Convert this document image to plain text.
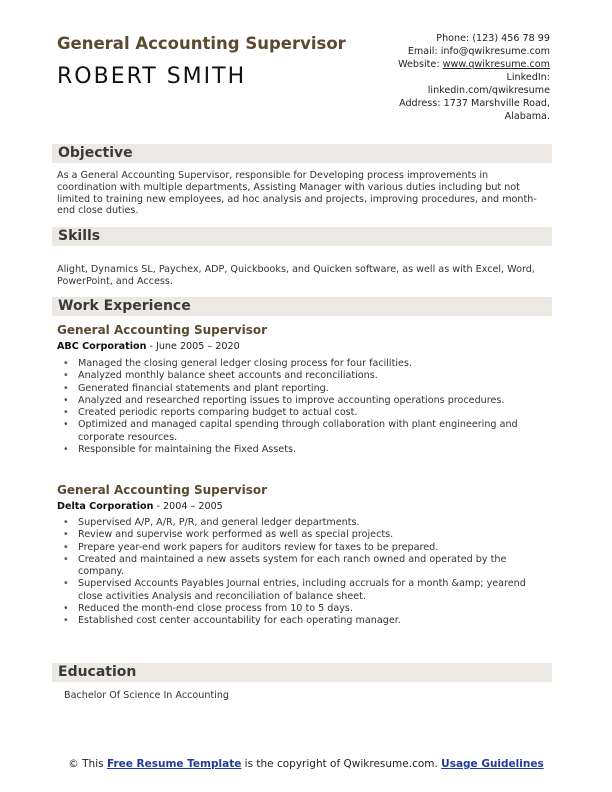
General Accounting Supervisor
ROBERT SMITH
Phone: (123) 456 78 99
Email: info@qwikresume.com
Website: www.qwikresume.com
LinkedIn:
linkedin.com/qwikresume
Address: 1737 Marshville Road,
Alabama.
Objective
As a General Accounting Supervisor, responsible for Developing process improvements in coordination with multiple departments, Assisting Manager with various duties including but not limited to training new employees, ad hoc analysis and projects, improving procedures, and month-end close duties.
Skills
Alight, Dynamics SL, Paychex, ADP, Quickbooks, and Quicken software, as well as with Excel, Word, PowerPoint, and Access.
Work Experience
General Accounting Supervisor
ABC Corporation - June 2005 – 2020
• Managed the closing general ledger closing process for four facilities.
• Analyzed monthly balance sheet accounts and reconciliations.
• Generated financial statements and plant reporting.
• Analyzed and researched reporting issues to improve accounting operations procedures.
• Created periodic reports comparing budget to actual cost.
• Optimized and managed capital spending through collaboration with plant engineering and corporate resources.
• Responsible for maintaining the Fixed Assets.
General Accounting Supervisor
Delta Corporation - 2004 – 2005
• Supervised A/P, A/R, P/R, and general ledger departments.
• Review and supervise work performed as well as special projects.
• Prepare year-end work papers for auditors review for taxes to be prepared.
• Created and maintained a new assets system for each ranch owned and operated by the company.
• Supervised Accounts Payables Journal entries, including accruals for a month &amp; yearend close activities Analysis and reconciliation of balance sheet.
• Reduced the month-end close process from 10 to 5 days.
• Established cost center accountability for each operating manager.
Education
Bachelor Of Science In Accounting
© This Free Resume Template is the copyright of Qwikresume.com. Usage Guidelines
